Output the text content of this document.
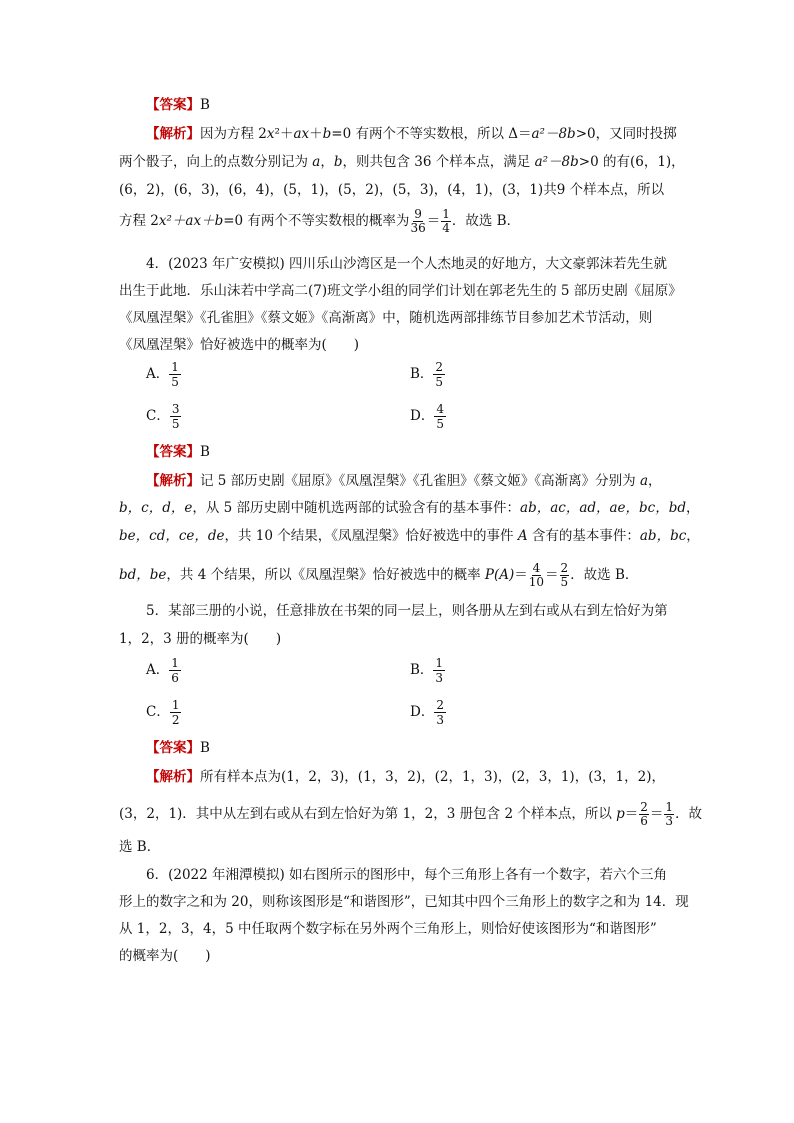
【答案】B
【解析】因为方程 2x²＋ax＋b=0 有两个不等实数根，所以 Δ＝a²－8b>0，又同时投掷
两个骰子，向上的点数分别记为 a，b，则共包含 36 个样本点，满足 a²－8b>0 的有(6，1)，
(6，2)，(6，3)，(6，4)，(5，1)，(5，2)，(5，3)，(4，1)，(3，1)共9 个样本点，所以
方程 2x²＋ax＋b=0 有两个不等实数根的概率为 $\frac{9}{36} = \frac{1}{4}$ ．故选 B．
4．(2023 年广安模拟) 四川乐山沙湾区是一个人杰地灵的好地方，大文豪郭沫若先生就
出生于此地．乐山沫若中学高二(7)班文学小组的同学们计划在郭老先生的 5 部历史剧《屈原》
《凤凰涅槃》《孔雀胆》《蔡文姬》《高渐离》中，随机选两部排练节目参加艺术节活动，则
《凤凰涅槃》恰好被选中的概率为(　　)
A． $\frac{1}{5}$	B． $\frac{2}{5}$
C． $\frac{3}{5}$	D． $\frac{4}{5}$
【答案】B
【解析】记 5 部历史剧《屈原》《凤凰涅槃》《孔雀胆》《蔡文姬》《高渐离》分别为 a，
b，c，d，e，从 5 部历史剧中随机选两部的试验含有的基本事件：ab，ac，ad，ae，bc，bd，
be，cd，ce，de，共 10 个结果，《凤凰涅槃》恰好被选中的事件 A 含有的基本事件：ab，bc，
bd，be，共 4 个结果，所以《凤凰涅槃》恰好被选中的概率 $P(A)= \frac{4}{10} = \frac{2}{5}$ ．故选 B．
5．某部三册的小说，任意排放在书架的同一层上，则各册从左到右或从右到左恰好为第
1，2，3 册的概率为(　　)
A． $\frac{1}{6}$	B． $\frac{1}{3}$
C． $\frac{1}{2}$	D． $\frac{2}{3}$
【答案】B
【解析】所有样本点为(1，2，3)，(1，3，2)，(2，1，3)，(2，3，1)，(3，1，2)，
(3，2，1)．其中从左到右或从右到左恰好为第 1，2，3 册包含 2 个样本点，所以 $p= \frac{2}{6} = \frac{1}{3}$ ．故
选 B．
6．(2022 年湘潭模拟) 如右图所示的图形中，每个三角形上各有一个数字，若六个三角
形上的数字之和为 20，则称该图形是“和谐图形”，已知其中四个三角形上的数字之和为 14．现
从 1，2，3，4，5 中任取两个数字标在另外两个三角形上，则恰好使该图形为“和谐图形”
的概率为(　　)
